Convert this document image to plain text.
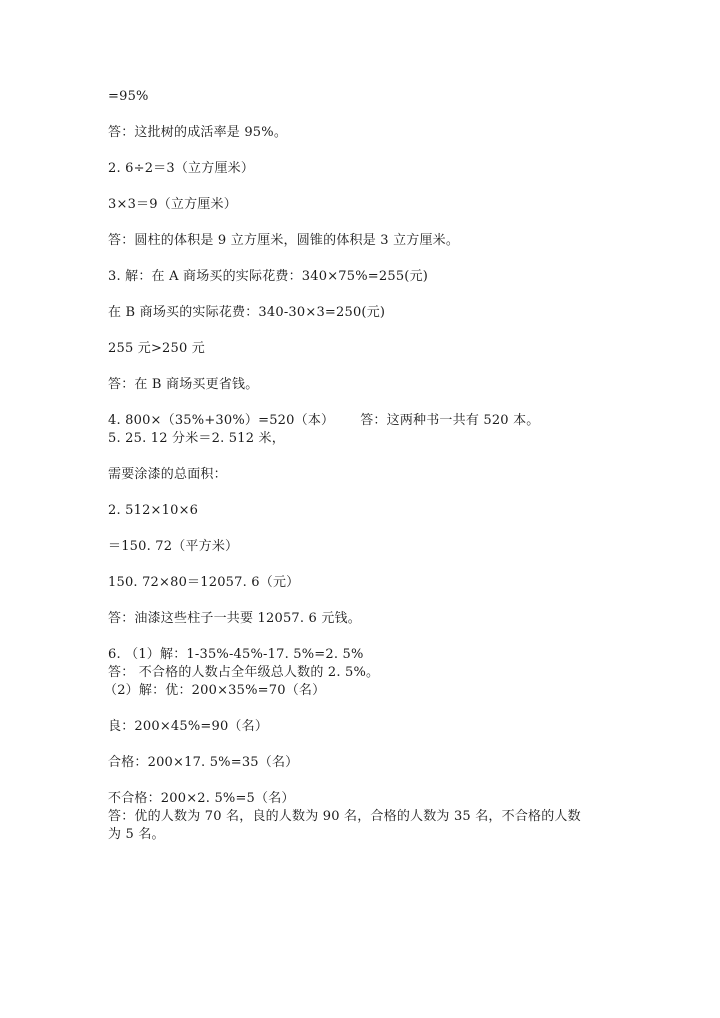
=95%
答：这批树的成活率是 95%。
2. 6÷2＝3（立方厘米）
3×3＝9（立方厘米）
答：圆柱的体积是 9 立方厘米，圆锥的体积是 3 立方厘米。
3. 解：在 A 商场买的实际花费：340×75%=255(元)
在 B 商场买的实际花费：340-30×3=250(元)
255 元>250 元
答：在 B 商场买更省钱。
4. 800×（35%+30%）=520（本） 答：这两种书一共有 520 本。
5. 25. 12 分米＝2. 512 米，
需要涂漆的总面积：
2. 512×10×6
＝150. 72（平方米）
150. 72×80＝12057. 6（元）
答：油漆这些柱子一共要 12057. 6 元钱。
6. （1）解：1-35%-45%-17. 5%=2. 5%
答： 不合格的人数占全年级总人数的 2. 5%。
（2）解：优：200×35%=70（名）
良：200×45%=90（名）
合格：200×17. 5%=35（名）
不合格：200×2. 5%=5（名）
答：优的人数为 70 名，良的人数为 90 名，合格的人数为 35 名，不合格的人数
为 5 名。
